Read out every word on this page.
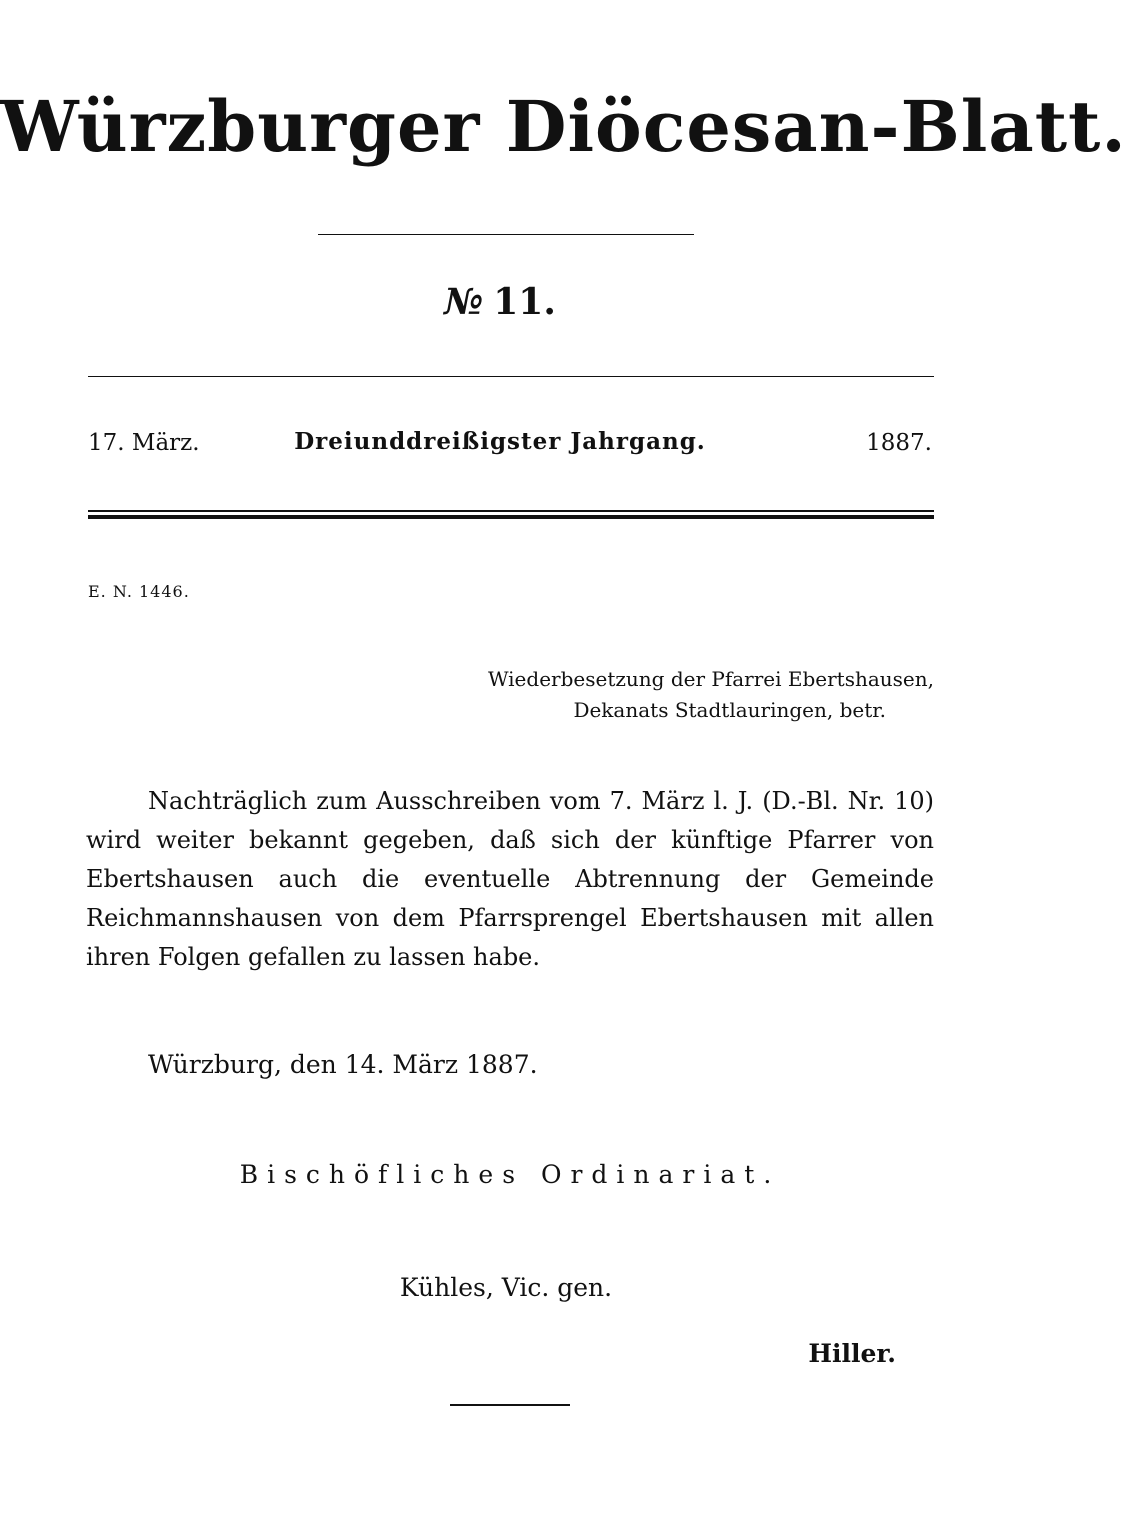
Würzburger Diöcesan-Blatt.
№ 11.
17. März.	Dreiunddreißigster Jahrgang.	1887.
E. N. 1446.
Wiederbesetzung der Pfarrei Ebertshausen,
Dekanats Stadtlauringen, betr.
Nachträglich zum Ausschreiben vom 7. März l. J. (D.-Bl. Nr. 10) wird weiter bekannt gegeben, daß sich der künftige Pfarrer von Ebertshausen auch die eventuelle Abtrennung der Gemeinde Reichmannshausen von dem Pfarrsprengel Ebertshausen mit allen ihren Folgen gefallen zu lassen habe.
Würzburg, den 14. März 1887.
Bischöfliches Ordinariat.
Kühles, Vic. gen.
Hiller.
